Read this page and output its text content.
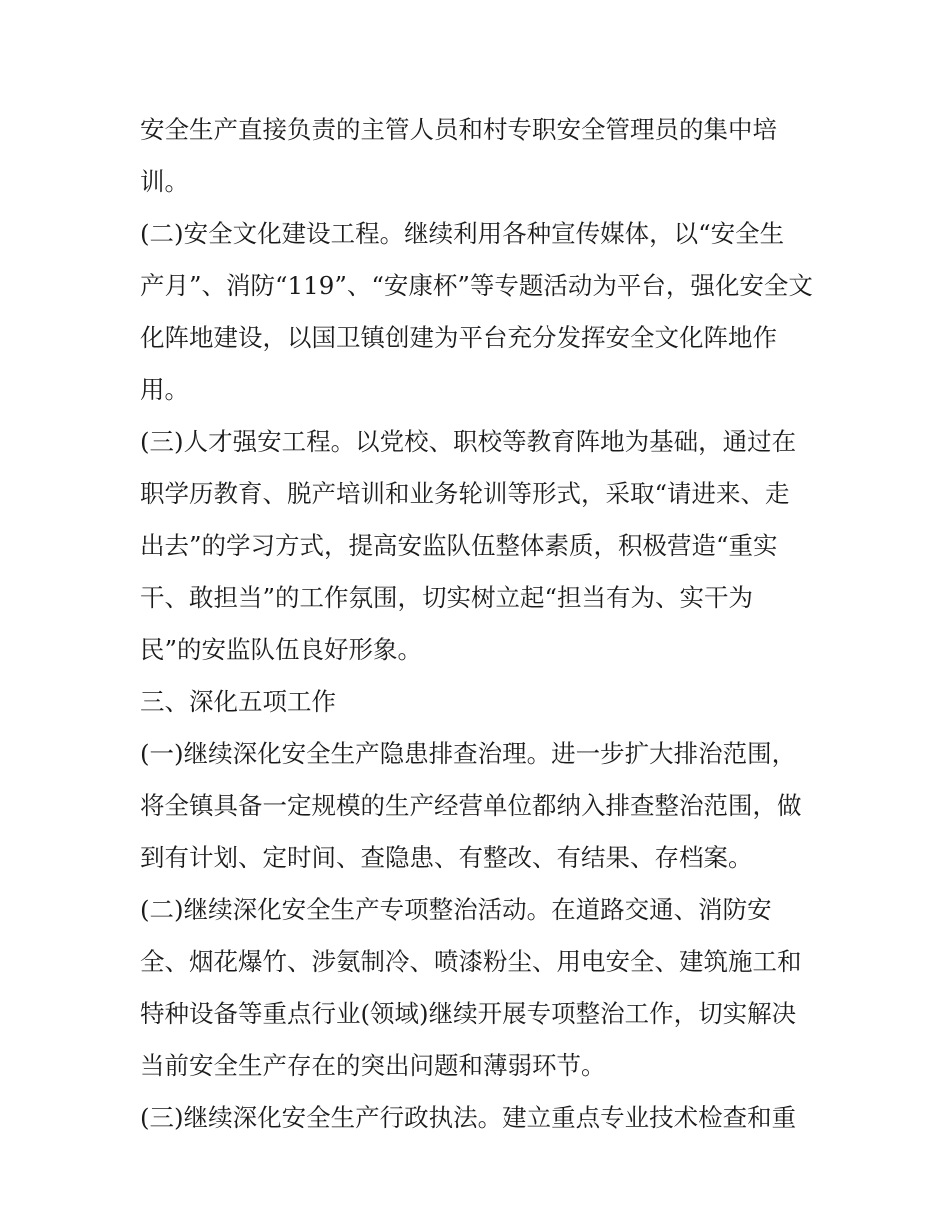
安全生产直接负责的主管人员和村专职安全管理员的集中培
训。
(二)安全文化建设工程。继续利用各种宣传媒体，以“安全生
产月”、消防“119”、“安康杯”等专题活动为平台，强化安全文
化阵地建设，以国卫镇创建为平台充分发挥安全文化阵地作
用。
(三)人才强安工程。以党校、职校等教育阵地为基础，通过在
职学历教育、脱产培训和业务轮训等形式，采取“请进来、走
出去”的学习方式，提高安监队伍整体素质，积极营造“重实
干、敢担当”的工作氛围，切实树立起“担当有为、实干为
民”的安监队伍良好形象。
三、深化五项工作
(一)继续深化安全生产隐患排查治理。进一步扩大排治范围，
将全镇具备一定规模的生产经营单位都纳入排查整治范围，做
到有计划、定时间、查隐患、有整改、有结果、存档案。
(二)继续深化安全生产专项整治活动。在道路交通、消防安
全、烟花爆竹、涉氨制冷、喷漆粉尘、用电安全、建筑施工和
特种设备等重点行业(领域)继续开展专项整治工作，切实解决
当前安全生产存在的突出问题和薄弱环节。
(三)继续深化安全生产行政执法。建立重点专业技术检查和重
